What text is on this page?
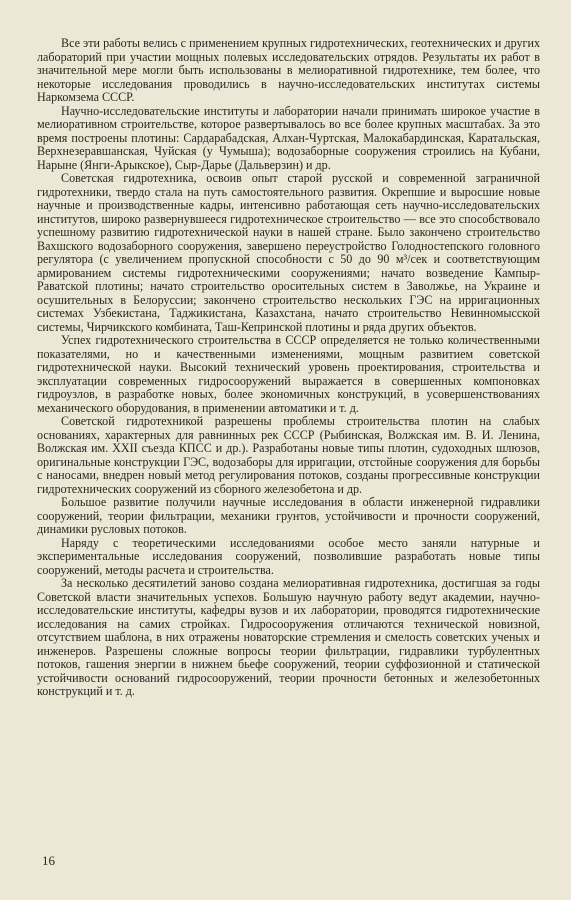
Все эти работы велись с применением крупных гидротехнических, геотехнических и других лабораторий при участии мощных полевых исследовательских отрядов. Результаты их работ в значительной мере могли быть использованы в мелиоративной гидротехнике, тем более, что некоторые исследования проводились в научно-исследовательских институтах системы Наркомзема СССР.

Научно-исследовательские институты и лаборатории начали принимать широкое участие в мелиоративном строительстве, которое развертывалось во все более крупных масштабах. За это время построены плотины: Сардарабадская, Алхан-Чуртская, Малокабардинская, Каратальская, Верхнезеравшанская, Чуйская (у Чумыша); водозаборные сооружения строились на Кубани, Нарыне (Янги-Арыкское), Сыр-Дарье (Дальверзин) и др.

Советская гидротехника, освоив опыт старой русской и современной заграничной гидротехники, твердо стала на путь самостоятельного развития. Окрепшие и выросшие новые научные и производственные кадры, интенсивно работающая сеть научно-исследовательских институтов, широко развернувшееся гидротехническое строительство — все это способствовало успешному развитию гидротехнической науки в нашей стране. Было закончено строительство Вахшского водозаборного сооружения, завершено переустройство Голодностепского головного регулятора (с увеличением пропускной способности с 50 до 90 м³/сек и соответствующим армированием системы гидротехническими сооружениями; начато возведение Кампыр-Раватской плотины; начато строительство оросительных систем в Заволжье, на Украине и осушительных в Белоруссии; закончено строительство нескольких ГЭС на ирригационных системах Узбекистана, Таджикистана, Казахстана, начато строительство Невинномысской системы, Чирчикского комбината, Таш-Кепринской плотины и ряда других объектов.

Успех гидротехнического строительства в СССР определяется не только количественными показателями, но и качественными изменениями, мощным развитием советской гидротехнической науки. Высокий технический уровень проектирования, строительства и эксплуатации современных гидросооружений выражается в совершенных компоновках гидроузлов, в разработке новых, более экономичных конструкций, в усовершенствованиях механического оборудования, в применении автоматики и т. д.

Советской гидротехникой разрешены проблемы строительства плотин на слабых основаниях, характерных для равнинных рек СССР (Рыбинская, Волжская им. В. И. Ленина, Волжская им. XXII съезда КПСС и др.). Разработаны новые типы плотин, судоходных шлюзов, оригинальные конструкции ГЭС, водозаборы для ирригации, отстойные сооружения для борьбы с наносами, внедрен новый метод регулирования потоков, созданы прогрессивные конструкции гидротехнических сооружений из сборного железобетона и др.

Большое развитие получили научные исследования в области инженерной гидравлики сооружений, теории фильтрации, механики грунтов, устойчивости и прочности сооружений, динамики русловых потоков.

Наряду с теоретическими исследованиями особое место заняли натурные и экспериментальные исследования сооружений, позволившие разработать новые типы сооружений, методы расчета и строительства.

За несколько десятилетий заново создана мелиоративная гидротехника, достигшая за годы Советской власти значительных успехов. Большую научную работу ведут академии, научно-исследовательские институты, кафедры вузов и их лаборатории, проводятся гидротехнические исследования на самих стройках. Гидросооружения отличаются технической новизной, отсутствием шаблона, в них отражены новаторские стремления и смелость советских ученых и инженеров. Разрешены сложные вопросы теории фильтрации, гидравлики турбулентных потоков, гашения энергии в нижнем бьефе сооружений, теории суффозионной и статической устойчивости оснований гидросооружений, теории прочности бетонных и железобетонных конструкций и т. д.

16
